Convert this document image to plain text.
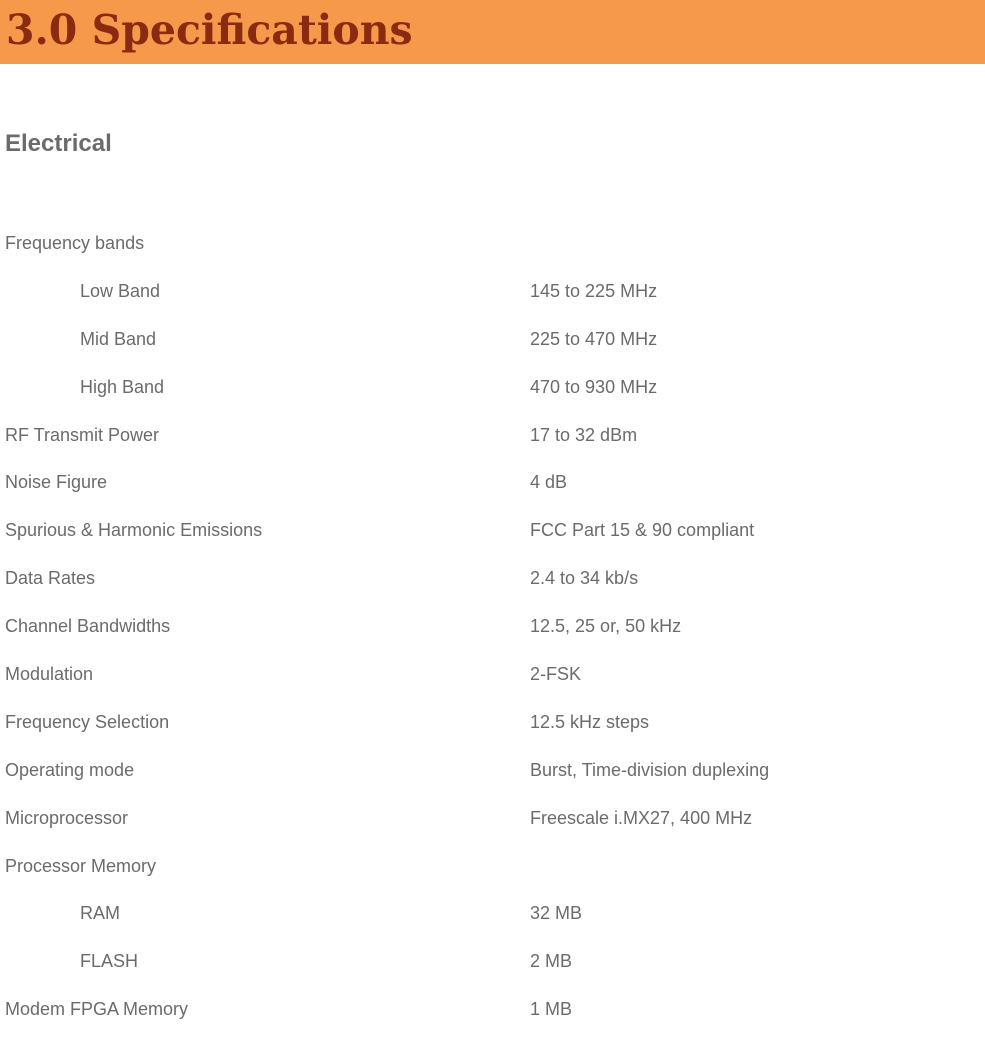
3.0 Specifications
Electrical
Frequency bands
Low Band	145 to 225 MHz
Mid Band	225 to 470 MHz
High Band	470 to 930 MHz
RF Transmit Power	17 to 32 dBm
Noise Figure	4 dB
Spurious & Harmonic Emissions	FCC Part 15 & 90 compliant
Data Rates	2.4 to 34 kb/s
Channel Bandwidths	12.5, 25 or, 50 kHz
Modulation	2-FSK
Frequency Selection	12.5 kHz steps
Operating mode	Burst, Time-division duplexing
Microprocessor	Freescale i.MX27, 400 MHz
Processor Memory
RAM	32 MB
FLASH	2 MB
Modem FPGA Memory	1 MB
